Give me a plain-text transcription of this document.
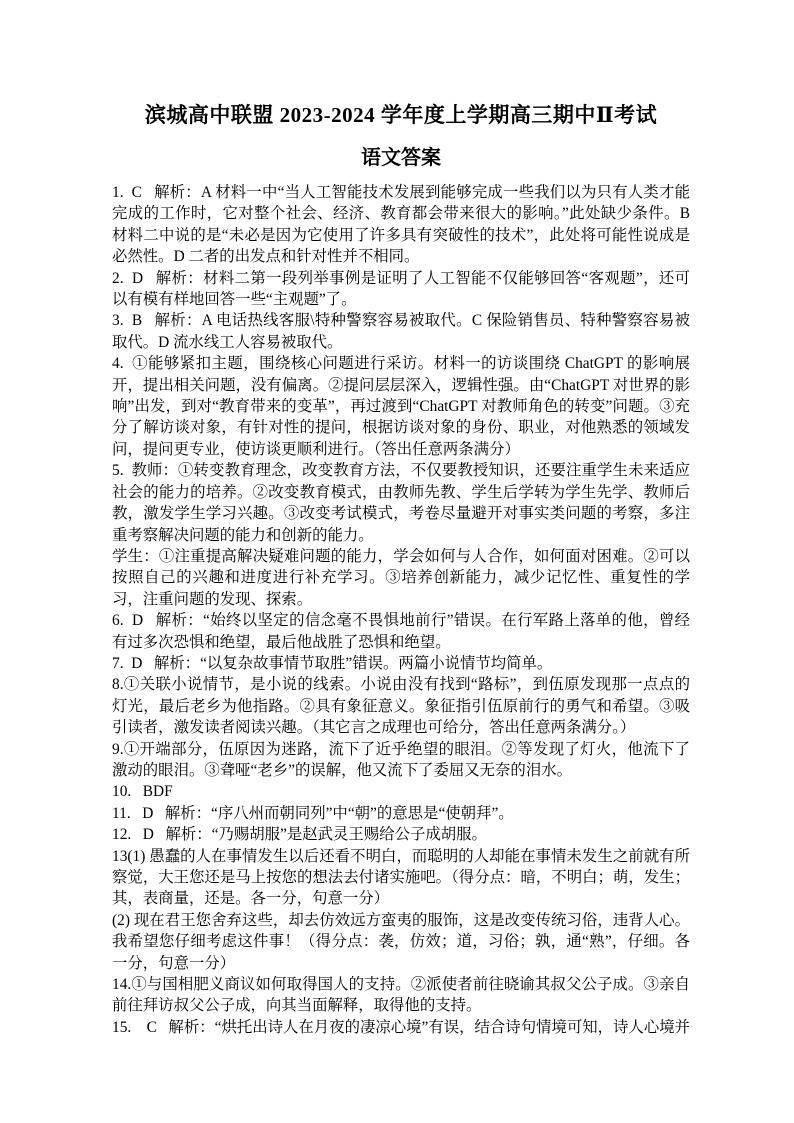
滨城高中联盟 2023-2024 学年度上学期高三期中Ⅱ考试
语文答案

1.  C   解析：A 材料一中“当人工智能技术发展到能够完成一些我们以为只有人类才能完成的工作时，它对整个社会、经济、教育都会带来很大的影响。”此处缺少条件。B 材料二中说的是“未必是因为它使用了许多具有突破性的技术”，此处将可能性说成是必然性。D 二者的出发点和针对性并不相同。

2.  D   解析：材料二第一段列举事例是证明了人工智能不仅能够回答“客观题”，还可以有模有样地回答一些“主观题”了。

3.  B   解析：A 电话热线客服\特种警察容易被取代。C 保险销售员、特种警察容易被取代。D 流水线工人容易被取代。

4.  ①能够紧扣主题，围绕核心问题进行采访。材料一的访谈围绕 ChatGPT 的影响展开，提出相关问题，没有偏离。②提问层层深入，逻辑性强。由“ChatGPT 对世界的影响”出发，到对“教育带来的变革”，再过渡到“ChatGPT 对教师角色的转变”问题。③充分了解访谈对象，有针对性的提问，根据访谈对象的身份、职业，对他熟悉的领域发问，提问更专业，使访谈更顺利进行。（答出任意两条满分）

5.  教师：①转变教育理念，改变教育方法，不仅要教授知识，还要注重学生未来适应社会的能力的培养。②改变教育模式，由教师先教、学生后学转为学生先学、教师后教，激发学生学习兴趣。③改变考试模式，考卷尽量避开对事实类问题的考察，多注重考察解决问题的能力和创新的能力。

学生：①注重提高解决疑难问题的能力，学会如何与人合作，如何面对困难。②可以按照自己的兴趣和进度进行补充学习。③培养创新能力，减少记忆性、重复性的学习，注重问题的发现、探索。

6.  D   解析：“始终以坚定的信念毫不畏惧地前行”错误。在行军路上落单的他，曾经有过多次恐惧和绝望，最后他战胜了恐惧和绝望。

7.  D   解析：“以复杂故事情节取胜”错误。两篇小说情节均简单。

8.①关联小说情节，是小说的线索。小说由没有找到“路标”，到伍原发现那一点点的灯光，最后老乡为他指路。②具有象征意义。象征指引伍原前行的勇气和希望。③吸引读者，激发读者阅读兴趣。（其它言之成理也可给分，答出任意两条满分。）

9.①开端部分，伍原因为迷路，流下了近乎绝望的眼泪。②等发现了灯火，他流下了激动的眼泪。③聋哑“老乡”的误解，他又流下了委屈又无奈的泪水。

10.   BDF

11.   D   解析：“序八州而朝同列”中“朝”的意思是“使朝拜”。

12.   D   解析：“乃赐胡服”是赵武灵王赐给公子成胡服。

13(1) 愚蠢的人在事情发生以后还看不明白，而聪明的人却能在事情未发生之前就有所察觉，大王您还是马上按您的想法去付诸实施吧。（得分点：暗，不明白；萌，发生；其，表商量，还是。各一分，句意一分）

(2) 现在君王您舍弃这些，却去仿效远方蛮夷的服饰，这是改变传统习俗，违背人心。我希望您仔细考虑这件事！（得分点：袭，仿效；道，习俗；孰，通“熟”，仔细。各一分，句意一分）

14.①与国相肥义商议如何取得国人的支持。②派使者前往晓谕其叔父公子成。③亲自前往拜访叔父公子成，向其当面解释，取得他的支持。

15.    C   解析：“烘托出诗人在月夜的凄凉心境”有误，结合诗句情境可知，诗人心境并
